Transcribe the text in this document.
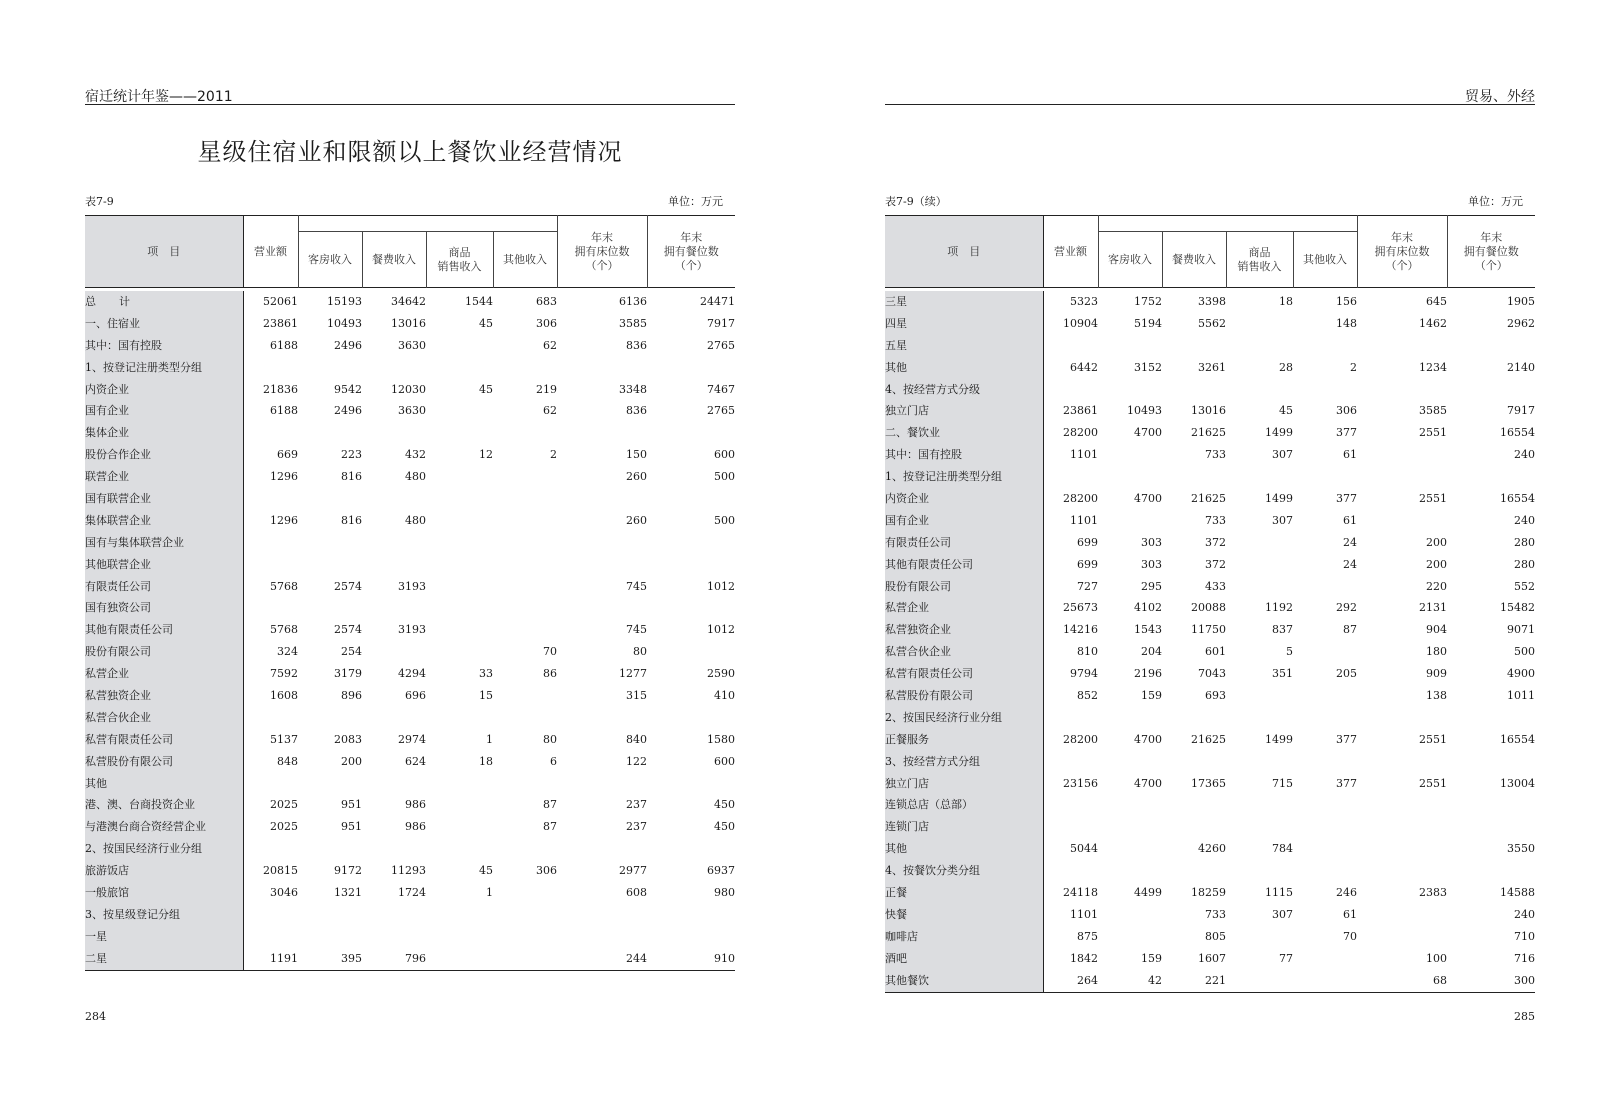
宿迁统计年鉴——2011
星级住宿业和限额以上餐饮业经营情况
表7-9	单位：万元
项　目	营业额					年末
拥有床位数
（个）	年末
拥有餐位数
（个）
		客房收入	餐费收入	商品
销售收入	其他收入		
总　计	52061	15193	34642	1544	683	6136	24471
一、住宿业	23861	10493	13016	45	306	3585	7917
其中：国有控股	6188	2496	3630		62	836	2765
1、按登记注册类型分组							
内资企业	21836	9542	12030	45	219	3348	7467
国有企业	6188	2496	3630		62	836	2765
集体企业							
股份合作企业	669	223	432	12	2	150	600
联营企业	1296	816	480			260	500
国有联营企业							
集体联营企业	1296	816	480			260	500
国有与集体联营企业							
其他联营企业							
有限责任公司	5768	2574	3193			745	1012
国有独资公司							
其他有限责任公司	5768	2574	3193			745	1012
股份有限公司	324	254			70	80	
私营企业	7592	3179	4294	33	86	1277	2590
私营独资企业	1608	896	696	15		315	410
私营合伙企业							
私营有限责任公司	5137	2083	2974	1	80	840	1580
私营股份有限公司	848	200	624	18	6	122	600
其他							
港、澳、台商投资企业	2025	951	986		87	237	450
与港澳台商合资经营企业	2025	951	986		87	237	450
2、按国民经济行业分组							
旅游饭店	20815	9172	11293	45	306	2977	6937
一般旅馆	3046	1321	1724	1		608	980
3、按星级登记分组							
一星							
二星	1191	395	796			244	910
284
贸易、外经
表7-9（续）	单位：万元
项　目	营业额					年末
拥有床位数
（个）	年末
拥有餐位数
（个）
		客房收入	餐费收入	商品
销售收入	其他收入		
三星	5323	1752	3398	18	156	645	1905
四星	10904	5194	5562		148	1462	2962
五星							
其他	6442	3152	3261	28	2	1234	2140
4、按经营方式分级							
独立门店	23861	10493	13016	45	306	3585	7917
二、餐饮业	28200	4700	21625	1499	377	2551	16554
其中：国有控股	1101		733	307	61		240
1、按登记注册类型分组							
内资企业	28200	4700	21625	1499	377	2551	16554
国有企业	1101		733	307	61		240
有限责任公司	699	303	372		24	200	280
其他有限责任公司	699	303	372		24	200	280
股份有限公司	727	295	433			220	552
私营企业	25673	4102	20088	1192	292	2131	15482
私营独资企业	14216	1543	11750	837	87	904	9071
私营合伙企业	810	204	601	5		180	500
私营有限责任公司	9794	2196	7043	351	205	909	4900
私营股份有限公司	852	159	693			138	1011
2、按国民经济行业分组							
正餐服务	28200	4700	21625	1499	377	2551	16554
3、按经营方式分组							
独立门店	23156	4700	17365	715	377	2551	13004
连锁总店（总部）							
连锁门店							
其他	5044		4260	784			3550
4、按餐饮分类分组							
正餐	24118	4499	18259	1115	246	2383	14588
快餐	1101		733	307	61		240
咖啡店	875		805		70		710
酒吧	1842	159	1607	77		100	716
其他餐饮	264	42	221			68	300
285
